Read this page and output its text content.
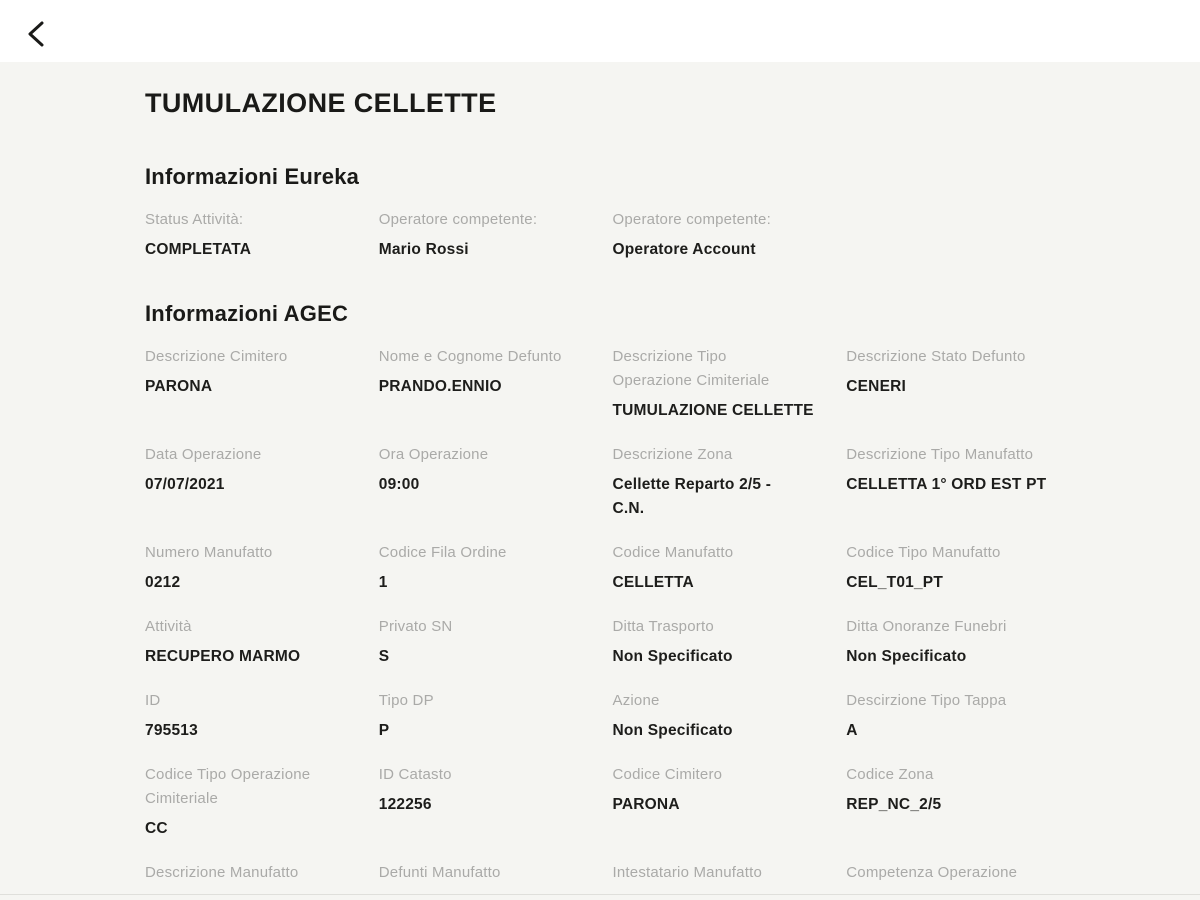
TUMULAZIONE CELLETTE
Informazioni Eureka
Status Attività:
COMPLETATA
Operatore competente:
Mario Rossi
Operatore competente:
Operatore Account
Informazioni AGEC
Descrizione Cimitero
PARONA
Nome e Cognome Defunto
PRANDO.ENNIO
Descrizione Tipo Operazione Cimiteriale
TUMULAZIONE CELLETTE
Descrizione Stato Defunto
CENERI
Data Operazione
07/07/2021
Ora Operazione
09:00
Descrizione Zona
Cellette Reparto 2/5 - C.N.
Descrizione Tipo Manufatto
CELLETTA 1° ORD EST PT
Numero Manufatto
0212
Codice Fila Ordine
1
Codice Manufatto
CELLETTA
Codice Tipo Manufatto
CEL_T01_PT
Attività
RECUPERO MARMO
Privato SN
S
Ditta Trasporto
Non Specificato
Ditta Onoranze Funebri
Non Specificato
ID
795513
Tipo DP
P
Azione
Non Specificato
Descirzione Tipo Tappa
A
Codice Tipo Operazione Cimiteriale
CC
ID Catasto
122256
Codice Cimitero
PARONA
Codice Zona
REP_NC_2/5
Descrizione Manufatto	Defunti Manufatto	Intestatario Manufatto	Competenza Operazione
